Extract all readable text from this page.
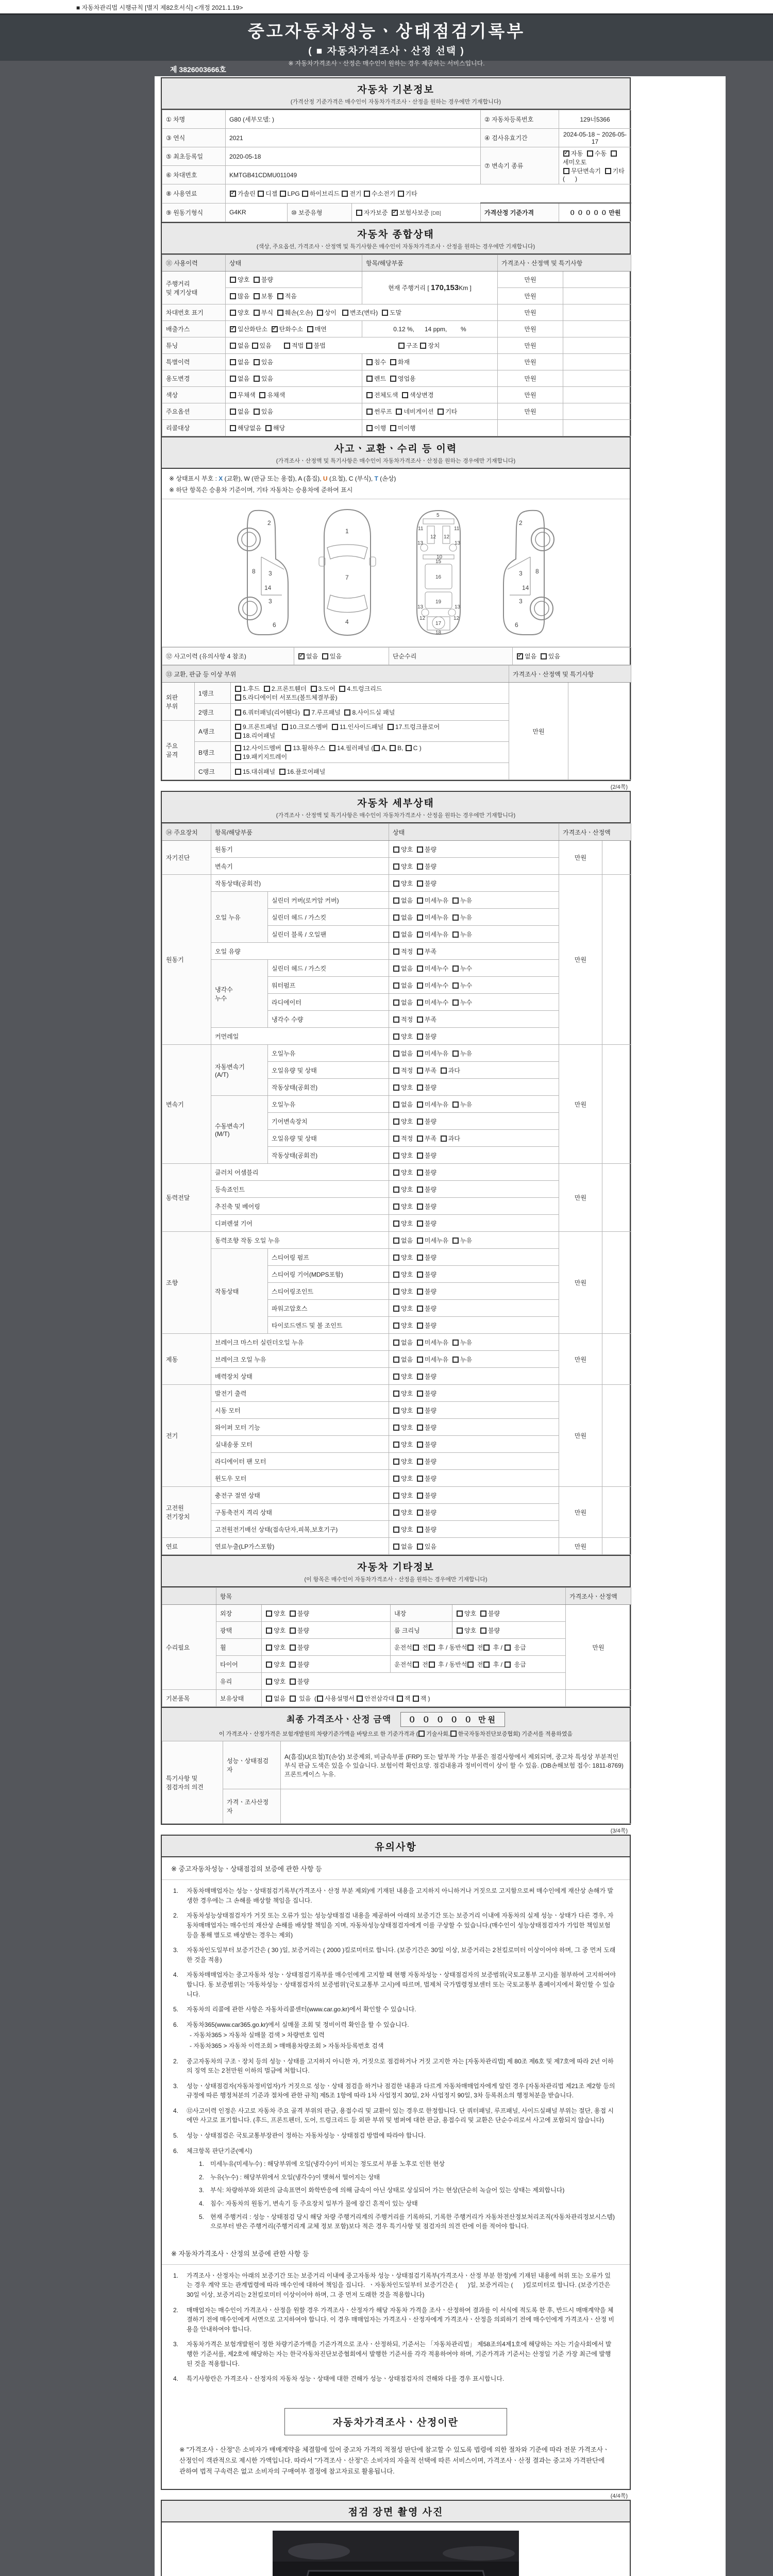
■ 자동차관리법 시행규칙 [별지 제82호서식] <개정 2021.1.19>
중고자동차성능ㆍ상태점검기록부
( ■ 자동차가격조사ㆍ산정 선택 )
※ 자동차가격조사ㆍ산정은 매수인이 원하는 경우 제공하는 서비스입니다.
제 3826003666호
자동차 기본정보
(가격산정 기준가격은 매수인이 자동차가격조사ㆍ산정을 원하는 경우에만 기재합니다)
① 차명	G80 (세부모델: )			② 자동차등록번호	129너5366
③ 연식	2021			④ 검사유효기간	2024-05-18 ~ 2026-05-17
⑤ 최초등록일	2020-05-18			⑦ 변속기 종류	✓ 자동  수동  세미오토
무단변속기  기타 (      )
⑥ 차대번호	KMTGB41CDMU011049				
⑧ 사용연료	✓ 가솔린 디젤 LPG 하이브리드 전기 수소전기 기타				
⑨ 원동기형식	G4KR	⑩ 보증유형	자가보증 ✓ 보험사보증 [DB]	가격산정 기준가격	０ ０ ０ ０ ０ 만원
자동차 종합상태
(색상, 주요옵션, 가격조사ㆍ산정액 및 특기사항은 매수인이 자동차가격조사ㆍ산정을 원하는 경우에만 기재합니다)
⑪ 사용이력	상태	항목/해당부품	가격조사ㆍ산정액 및 특기사항	
주행거리
및 계기상태	양호  불량	현재 주행거리 [ 170,153Km ]	만원	
	많음  보통  적음		만원	
차대번호 표기	양호  부식  훼손(오손)  상이   변조(변타)  도말		만원	
배출가스	✓ 일산화탄소 ✓ 탄화수소  매연	0.12 %,      14 ppm,        %	만원	
튜닝	없음 있음       적법 불법                                          구조 장치		만원	
특별이력	없음  있음	침수  화재	만원	
용도변경	없음  있음	렌트  영업용	만원	
색상	무채색  유채색	전체도색  색상변경	만원	
주요옵션	없음  있음	썬루프  네비게이션  기타	만원	
리콜대상	해당없음  해당	이행  미이행		
사고ㆍ교환ㆍ수리 등 이력
(가격조사ㆍ산정액 및 특기사항은 매수인이 자동차가격조사ㆍ산정을 원하는 경우에만 기재합니다)
※ 상태표시 부호 : X (교환), W (판금 또는 용접), A (흠집), U (요철), C (부식), T (손상)
※ 하단 항목은 승용차 기준이며, 기타 자동차는 승용차에 준하여 표시
2
8 3
14
3
6
1
7
4
5
11	11
13	13
12 12
10
15
16
19
13	13
12	12
17
18
2
8
3
14
3
6
⑫ 사고이력 (유의사항 4 참조)	✓ 없음  있음	단순수리	✓ 없음  있음
⑬ 교환, 판금 등 이상 부위			가격조사ㆍ산정액 및 특기사항	
외판
부위	1랭크	1.후드  2.프론트휀더  3.도어  4.트렁크리드
5.라디에이터 서포트(볼트체결부품)	만원	
	2랭크	6.쿼터패널(리어휀다)  7.루프패널  8.사이드실 패널		
주요
골격	A랭크	9.프론트패널  10.크로스멤버  11.인사이드패널  17.트렁크플로어
18.리어패널		
	B랭크	12.사이드멤버  13.휠하우스  14.필러패널 ( A, B, C )
19.패키지트레이		
	C랭크	15.대쉬패널  16.플로어패널		
(2/4쪽)
자동차 세부상태
(가격조사ㆍ산정액 및 특기사항은 매수인이 자동차가격조사ㆍ산정을 원하는 경우에만 기재합니다)
⑭ 주요장치	항목/해당부품		상태	가격조사ㆍ산정액	
자기진단	원동기		양호  불량	만원	
	변속기		양호  불량		
원동기	작동상태(공회전)		양호  불량	만원	
	오일 누유	실린더 커버(로커암 커버)	없음  미세누유  누유		
		실린더 헤드 / 가스킷	없음  미세누유  누유		
		실린더 블록 / 오일팬	없음  미세누유  누유		
	오일 유량		적정  부족		
	냉각수
누수	실린더 헤드 / 가스킷	없음  미세누수  누수		
		워터펌프	없음  미세누수  누수		
		라디에이터	없음  미세누수  누수		
		냉각수 수량	적정  부족		
	커먼레일		양호  불량		
변속기	자동변속기
(A/T)	오일누유	없음  미세누유  누유	만원	
		오일유량 및 상태	적정  부족  과다		
		작동상태(공회전)	양호  불량		
	수동변속기
(M/T)	오일누유	없음  미세누유  누유		
		기어변속장치	양호  불량		
		오일유량 및 상태	적정  부족  과다		
		작동상태(공회전)	양호  불량		
동력전달	클러치 어셈블리		양호  불량	만원	
	등속죠인트		양호  불량		
	추진축 및 베어링		양호  불량		
	디퍼렌셜 기어		양호  불량		
조향	동력조향 작동 오일 누유		없음  미세누유  누유	만원	
	작동상태	스티어링 펌프	양호  불량		
		스티어링 기어(MDPS포함)	양호  불량		
		스티어링조인트	양호  불량		
		파워고압호스	양호  불량		
		타이로드엔드 및 볼 조인트	양호  불량		
제동	브레이크 마스터 실린더오일 누유		없음  미세누유  누유	만원	
	브레이크 오일 누유		없음  미세누유  누유		
	배력장치 상태		양호  불량		
전기	발전기 출력		양호  불량	만원	
	시동 모터		양호  불량		
	와이퍼 모터 기능		양호  불량		
	실내송풍 모터		양호  불량		
	라디에이터 팬 모터		양호  불량		
	윈도우 모터		양호  불량		
고전원
전기장치	충전구 절연 상태		양호  불량	만원	
	구동축전지 격리 상태		양호  불량		
	고전원전기배선 상태(접속단자,피복,보호기구)		양호  불량		
연료	연료누출(LP가스포함)		없음  있음	만원	
자동차 기타정보
(이 항목은 매수인이 자동차가격조사ㆍ산정을 원하는 경우에만 기재합니다)
	항목				가격조사ㆍ산정액
수리필요	외장	양호  불량	내장	양호  불량	만원
	광택	양호  불량	룸 크리닝	양호  불량	
	휠	양호  불량	운전석 전 후 / 동반석 전 후 /  응급		
	타이어	양호  불량	운전석 전 후 / 동반석 전 후 /  응급		
	유리	양호  불량			
기본품목	보유상태	없음   있음  ( 사용설명서 안전삼각대 잭 잭 )			
최종 가격조사ㆍ산정 금액 ０ ０ ０ ０ ０ 만원
이 가격조사ㆍ산정가격은 보험개발원의 차량기준가액을 바탕으로 한 기준가격과 ( 기술사회, 한국자동차진단보증협회) 기준서를 적용하였음
특기사항 및
점검자의 의견	성능ㆍ상태점검
자	A(흠집)U(요철)T(손상) 보증제외, 비금속부품 (FRP) 또는 탈부착 가능 부품은 점검사항에서 제외되며, 중고차 특성상 부분적인 부식 판금 도색은 있을 수 있습니다. 보험이력 확인요망. 점검내용과 정비이력이 상이 할 수 있음. (DB손해보험 접수: 1811-8769) 프론트케이스 누유.
	가격ㆍ조사산정
자	
(3/4쪽)
유의사항
※ 중고자동차성능ㆍ상태점검의 보증에 관한 사항 등
1.	자동차매매업자는 성능ㆍ상태점검기록부(가격조사ㆍ산정 부분 제외)에 기재된 내용을 고지하지 아니하거나 거짓으로 고지함으로써 매수인에게 재산상 손해가 발생한 경우에는 그 손해를 배상할 책임을 집니다.
2.	자동차성능상태점검자가 거짓 또는 오류가 있는 성능상태점검 내용을 제공하여 아래의 보증기간 또는 보증거리 이내에 자동차의 실제 성능ㆍ상태가 다른 경우, 자동차매매업자는 매수인의 재산상 손해를 배상할 책임을 지며, 자동차성능상태점검자에게 이를 구상할 수 있습니다.(매수인이 성능상태점검자가 가입한 책임보험 등을 통해 별도로 배상받는 경우는 제외)
3.	자동차인도일부터 보증기간은 ( 30 )일, 보증거리는 ( 2000 )킬로미터로 합니다. (보증기간은 30일 이상, 보증거리는 2천킬로미터 이상이어야 하며, 그 중 먼저 도래한 것을 적용)
4.	자동차매매업자는 중고자동차 성능ㆍ상태점검기록부를 매수인에게 고지할 때 현행 자동차성능ㆍ상태점검자의 보증범위(국토교통부 고시)를 첨부하여 고지하여야 합니다. 동 보증범위는 '자동차성능ㆍ상태점검자의 보증범위'(국토교통부 고시)에 따르며, 법제처 국가법령정보센터 또는 국토교통부 홈페이지에서 확인할 수 있습니다.
5.	자동차의 리콜에 관한 사항은 자동차리콜센터(www.car.go.kr)에서 확인할 수 있습니다.
6.	자동차365(www.car365.go.kr)에서 실매물 조회 및 정비이력 확인을 할 수 있습니다.
- 자동차365 > 자동차 실매물 검색 > 차량번호 입력
- 자동차365 > 자동차 이력조회 > 매매용차량조회 > 자동차등록번호 검색
2.	중고자동차의 구조ㆍ장치 등의 성능ㆍ상태를 고지하지 아니한 자, 거짓으로 점검하거나 거짓 고지한 자는 [자동차관리법] 제 80조 제6호 및 제7호에 따라 2년 이하의 징역 또는 2천만원 이하의 벌금에 처합니다.
3.	성능ㆍ상태점검자(자동차정비업자)가 거짓으로 성능ㆍ상태 점검을 하거나 점검한 내용과 다르게 자동차매매업자에게 알린 경우 [자동차관리법 제21조 제2항 등의 규정에 따른 행정처분의 기준과 절차에 관한 규칙] 제5조 1항에 따라 1차 사업정지 30일, 2차 사업정지 90일, 3차 등록취소의 행정처분을 받습니다.
4.	⑫사고이력 인정은 사고로 자동차 주요 골격 부위의 판금, 용접수리 및 교환이 있는 경우로 한정합니다. 단 쿼터패널, 루프패널, 사이드실패널 부위는 절단, 용접 시에만 사고로 표기합니다. (후드, 프론트펜더, 도어, 트렁크리드 등 외판 부위 및 범퍼에 대한 판금, 용접수리 및 교환은 단순수리로서 사고에 포함되지 않습니다)
5.	성능ㆍ상태점검은 국토교통부장관이 정하는 자동차성능ㆍ상태점검 방법에 따라야 합니다.
6.	체크항목 판단기준(예시)
1. 미세누유(미세누수) : 해당부위에 오일(냉각수)이 비치는 정도로서 부품 노후로 인한 현상
2. 누유(누수) : 해당부위에서 오일(냉각수)이 맺혀서 떨어지는 상태
3. 부식: 차량하부와 외판의 금속표면이 화학반응에 의해 금속이 아닌 상태로 상실되어 가는 현상(단순히 녹슬어 있는 상태는 제외합니다)
4. 침수: 자동차의 원동기, 변속기 등 주요장치 일부가 물에 잠긴 흔적이 있는 상태
5. 현재 주행거리 : 성능ㆍ상태점검 당시 해당 차량 주행거리계의 주행거리를 기록하되, 기록한 주행거리가 자동차전산정보처리조직(자동차관리정보시스템)으로부터 받은 주행거리(주행거리계 교체 정보 포함)보다 적은 경우 특기사항 및 점검자의 의견 란에 이를 적어야 합니다.
※ 자동차가격조사ㆍ산정의 보증에 관한 사항 등
1.	가격조사ㆍ산정자는 아래의 보증기간 또는 보증거리 이내에 중고자동차 성능ㆍ상태점검기록부(가격조사ㆍ산정 부분 한정)에 기재된 내용에 허위 또는 오류가 있는 경우 계약 또는 관계법령에 따라 매수인에 대하여 책임을 집니다.  ㆍ자동차인도일부터 보증기간은 (      )일, 보증거리는 (      )킬로미터로 합니다. (보증기간은 30일 이상, 보증거리는 2천킬로미터 이상이어야 하며, 그 중 먼저 도래한 것을 적용합니다)
2.	매매업자는 매수인이 가격조사ㆍ산정을 원할 경우 가격조사ㆍ산정자가 해당 자동차 가격을 조사ㆍ산정하여 결과를 이 서식에 적도록 한 후, 반드시 매매계약을 체결하기 전에 매수인에게 서면으로 고지하여야 합니다. 이 경우 매매업자는 가격조사ㆍ산정자에게 가격조사ㆍ산정을 의뢰하기 전에 매수인에게 가격조사ㆍ산정 비용을 안내하여야 합니다.
3.	자동차가격은 보험개발원이 정한 차량기준가액을 기준가격으로 조사ㆍ산정하되, 기준서는 「자동차관리법」 제58조의4제1호에 해당하는 자는 기술사회에서 발행한 기준서를, 제2호에 해당하는 자는 한국자동차진단보증협회에서 발행한 기준서를 각각 적용하여야 하며, 기준가격과 기준서는 산정일 기준 가장 최근에 발행된 것을 적용합니다.
4.	특기사항란은 가격조사ㆍ산정자의 자동차 성능ㆍ상태에 대한 견해가 성능ㆍ상태점검자의 견해와 다를 경우 표시합니다.
자동차가격조사ㆍ산정이란
※ "가격조사ㆍ산정"은 소비자가 매매계약을 체결함에 있어 중고차 가격의 적절성 판단에 참고할 수 있도록 법령에 의한 절차와 기준에 따라 전문 가격조사ㆍ산정인이 객관적으로 제시한 가액입니다. 따라서 "가격조사ㆍ산정"은 소비자의 자율적 선택에 따른 서비스이며, 가격조사ㆍ산정 결과는 중고차 가격판단에 관하여 법적 구속력은 없고 소비자의 구매여부 결정에 참고자료로 활용됩니다.
(4/4쪽)
점검 장면 촬영 사진
